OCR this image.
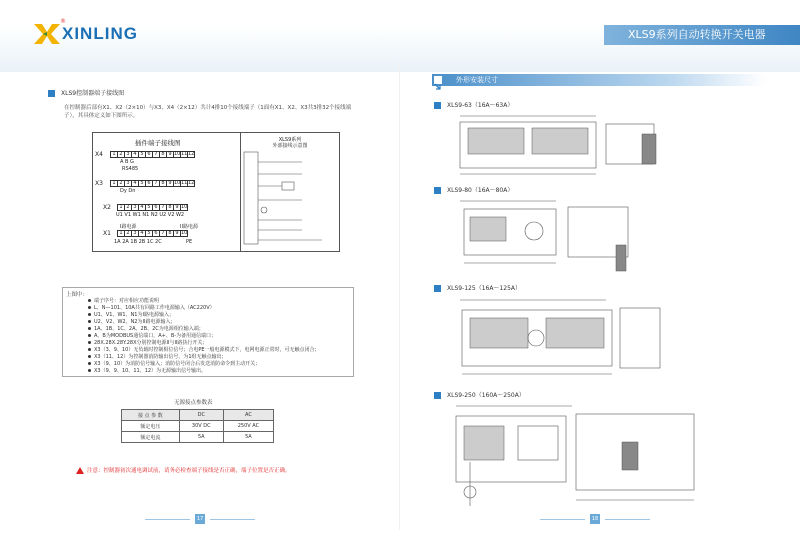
®
XINLING	XLS9系列自动转换开关电器
XLS9控制器端子接线图
在控制器后部有X1、X2（2×10）与X3、X4（2×12）共计4排10个接线端子（1面有X1、X2、X3共3排32个接线端子），其具体定义如下图所示。
插件端子接线图	XLS9系列
外部接线示意图
X4	1 2 3 4 5 6 7 8 9 10 11 12
A B G
RS485
X3	1 2 3 4 5 6 7 8 9 10 11 12
Dy Dn
X2	1 2 3 4 5 6 7 8 9 10
U1 V1 W1 N1 N2 U2 V2 W2
I路电源	II路电源
X1	1 2 3 4 5 6 7 8 9 10
1A 2A 1B 2B 1C 2C	PE
上图中：
端子序号：对应相应功能说明
L、N—101、10A共有回路工作电源输入（AC220V）
U1、V1、W1、N1为I路电源输入；
U2、V2、W2、N2为II路电源输入；
1A、1B、1C、2A、2B、2C为电源相位输入端；
A、B为MODBUS通信端口，A+、B-为备用通信端口；
28X.28X.28Y.28X分别控制电源II与II路执行开关；
X3（3、9、10）无负载时控制相位信号；合电PE一般电源模式下，电网电源正常时，可无触点闭合；
X3（11、12）为控制器消防输出信号，为1组无触点输出；
X3（9、10）为消防信号输入；消防信号闭合后发送消防命令到主动开关；
X3（9、9、10、11、12）为无源输出信号输出。
无源接点参数表
接 点 参 数	DC	AC
额定电压	30V DC	250V AC
额定电流	5A	5A
注意：控制器初次通电调试前，请务必检查端子接线是否正确，端子位置是否正确。
17
外形安装尺寸
XLS9-63（16A～63A）
XLS9-80（16A～80A）
XLS9-125（16A～125A）
XLS9-250（160A～250A）
18
